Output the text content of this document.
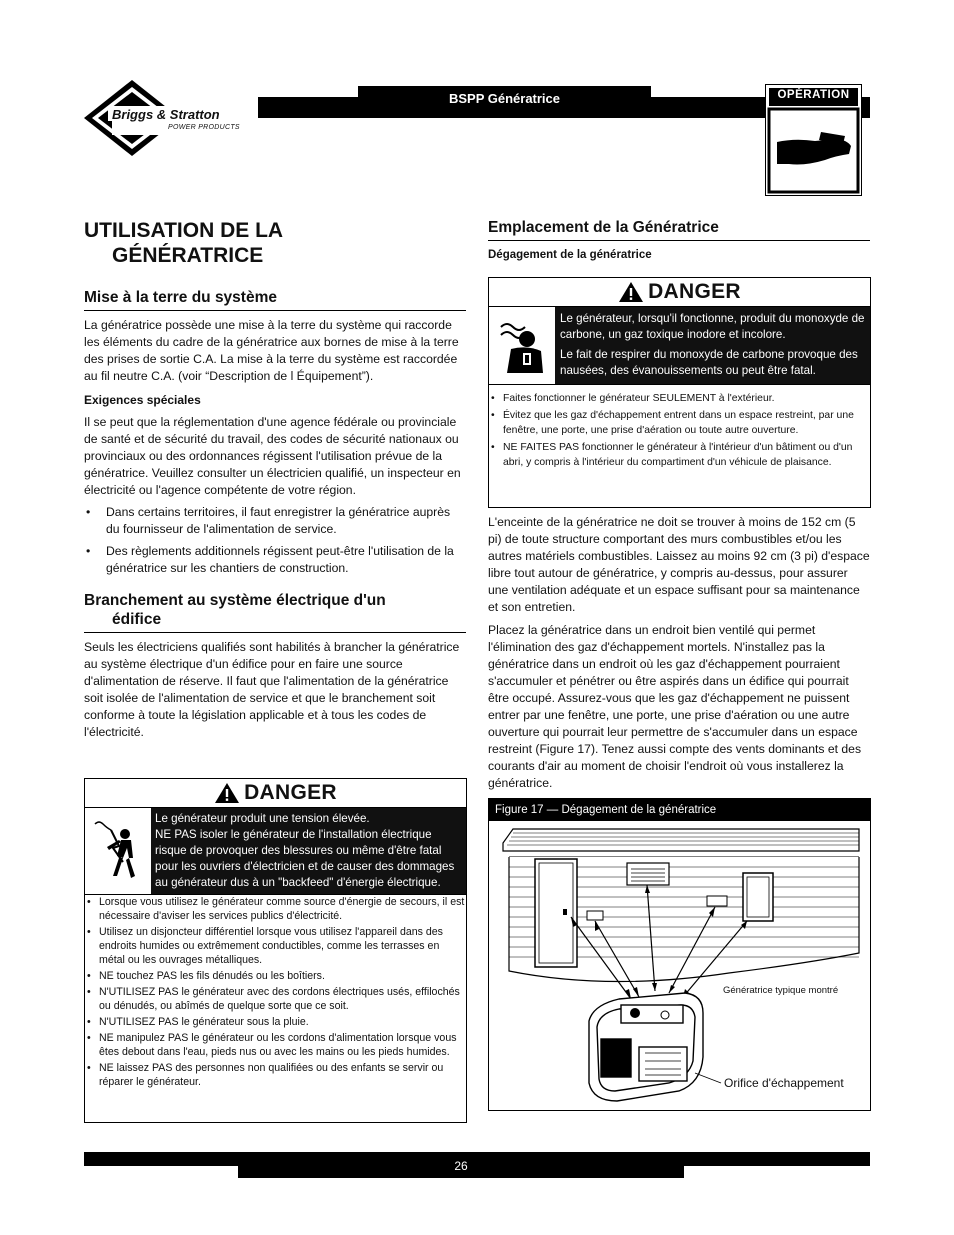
Briggs & Stratton
POWER PRODUCTS
BSPP Génératrice	OPÉRATION
UTILISATION DE LA
GÉNÉRATRICE
Mise à la terre du système

La génératrice possède une mise à la terre du système qui raccorde les éléments du cadre de la génératrice aux bornes de mise à la terre des prises de sortie C.A. La mise à la terre du système est raccordée au fil neutre C.A. (voir “Description de l Équipement”).

Exigences spéciales

Il se peut que la réglementation d'une agence fédérale ou provinciale de santé et de sécurité du travail, des codes de sécurité nationaux ou provinciaux ou des ordonnances régissent l'utilisation prévue de la génératrice. Veuillez consulter un électricien qualifié, un inspecteur en électricité ou l'agence compétente de votre région.

• Dans certains territoires, il faut enregistrer la génératrice auprès du fournisseur de l'alimentation de service.
• Des règlements additionnels régissent peut-être l'utilisation de la génératrice sur les chantiers de construction.
Branchement au système électrique d'un
édifice

Seuls les électriciens qualifiés sont habilités à brancher la génératrice au système électrique d'un édifice pour en faire une source d'alimentation de réserve. Il faut que l'alimentation de la génératrice soit isolée de l'alimentation de service et que le branchement soit conforme à toute la législation applicable et à tous les codes de l'électricité.

DANGER
Le générateur produit une tension élevée.
NE PAS isoler le générateur de l'installation électrique risque de provoquer des blessures ou même d'être fatal pour les ouvriers d'électricien et de causer des dommages au générateur dus à un "backfeed" d'énergie électrique.
• Lorsque vous utilisez le générateur comme source d'énergie de secours, il est nécessaire d'aviser les services publics d'électricité.
• Utilisez un disjoncteur différentiel lorsque vous utilisez l'appareil dans des endroits humides ou extrêmement conductibles, comme les terrasses en métal ou les ouvrages métalliques.
• NE touchez PAS les fils dénudés ou les boîtiers.
• N'UTILISEZ PAS le générateur avec des cordons électriques usés, effilochés ou dénudés, ou abîmés de quelque sorte que ce soit.
• N'UTILISEZ PAS le générateur sous la pluie.
• NE manipulez PAS le générateur ou les cordons d'alimentation lorsque vous êtes debout dans l'eau, pieds nus ou avec les mains ou les pieds humides.
• NE laissez PAS des personnes non qualifiées ou des enfants se servir ou réparer le générateur.
Emplacement de la Génératrice
Dégagement de la génératrice
DANGER
Le générateur, lorsqu'il fonctionne, produit du monoxyde de carbone, un gaz toxique inodore et incolore.
Le fait de respirer du monoxyde de carbone provoque des nausées, des évanouissements ou peut être fatal.
• Faites fonctionner le générateur SEULEMENT à l'extérieur.
• Évitez que les gaz d'échappement entrent dans un espace restreint, par une fenêtre, une porte, une prise d'aération ou toute autre ouverture.
• NE FAITES PAS fonctionner le générateur à l'intérieur d'un bâtiment ou d'un abri, y compris à l'intérieur du compartiment d'un véhicule de plaisance.

L'enceinte de la génératrice ne doit se trouver à moins de 152 cm (5 pi) de toute structure comportant des murs combustibles et/ou les autres matériels combustibles. Laissez au moins 92 cm (3 pi) d'espace libre tout autour de génératrice, y compris au-dessus, pour assurer une ventilation adéquate et un espace suffisant pour sa maintenance et son entretien.

Placez la génératrice dans un endroit bien ventilé qui permet l'élimination des gaz d'échappement mortels. N'installez pas la génératrice dans un endroit où les gaz d'échappement pourraient s'accumuler et pénétrer ou être aspirés dans un édifice qui pourrait être occupé. Assurez-vous que les gaz d'échappement ne puissent entrer par une fenêtre, une porte, une prise d'aération ou une autre ouverture qui pourrait leur permettre de s'accumuler dans un espace restreint (Figure 17). Tenez aussi compte des vents dominants et des courants d'air au moment de choisir l'endroit où vous installerez la génératrice.

Figure 17 — Dégagement de la génératrice
Génératrice typique montré
Orifice d'échappement
26
